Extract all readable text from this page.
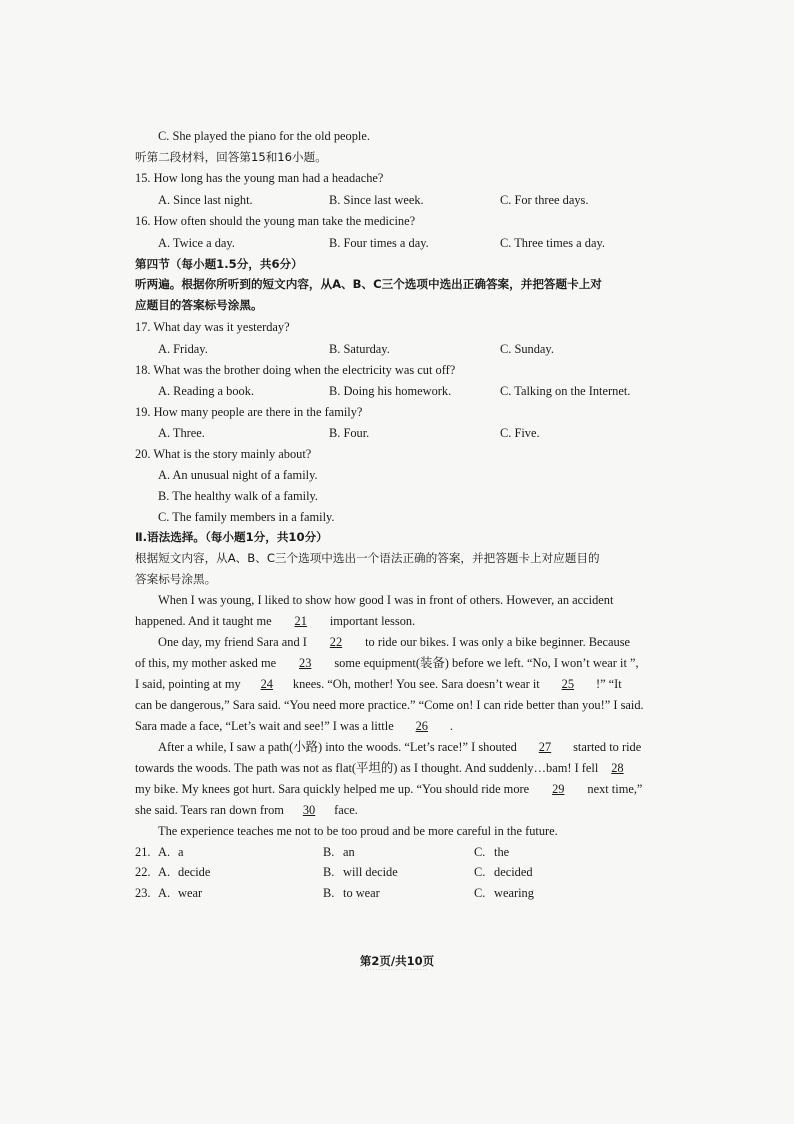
C. She played the piano for the old people.
听第二段材料，回答第15和16小题。
15. How long has the young man had a headache?
A. Since last night.	B. Since last week.	C. For three days.
16. How often should the young man take the medicine?
A. Twice a day.	B. Four times a day.	C. Three times a day.
第四节（每小题1.5分，共6分）
听两遍。根据你所听到的短文内容，从A、B、C三个选项中选出正确答案，并把答题卡上对
应题目的答案标号涂黑。
17. What day was it yesterday?
A. Friday.	B. Saturday.	C. Sunday.
18. What was the brother doing when the electricity was cut off?
A. Reading a book.	B. Doing his homework.	C. Talking on the Internet.
19. How many people are there in the family?
A. Three.	B. Four.	C. Five.
20. What is the story mainly about?
A. An unusual night of a family.
B. The healthy walk of a family.
C. The family members in a family.
Ⅱ.语法选择。（每小题1分，共10分）
根据短文内容，从A、B、C三个选项中选出一个语法正确的答案，并把答题卡上对应题目的
答案标号涂黑。
When I was young, I liked to show how good I was in front of others. However, an accident
happened. And it taught me 21 important lesson.
One day, my friend Sara and I 22 to ride our bikes. I was only a bike beginner. Because
of this, my mother asked me 23 some equipment(装备) before we left. “No, I won’t wear it ”,
I said, pointing at my 24 knees. “Oh, mother! You see. Sara doesn’t wear it 25 !” “It
can be dangerous,” Sara said. “You need more practice.” “Come on! I can ride better than you!” I said.
Sara made a face, “Let’s wait and see!” I was a little 26 .
After a while, I saw a path(小路) into the woods. “Let’s race!” I shouted 27 started to ride
towards the woods. The path was not as flat(平坦的) as I thought. And suddenly…bam! I fell 28
my bike. My knees got hurt. Sara quickly helped me up. “You should ride more 29 next time,”
she said. Tears ran down from 30 face.
The experience teaches me not to be too proud and be more careful in the future.
21. A. a	B. an	C. the
22. A. decide	B. will decide	C. decided
23. A. wear	B. to wear	C. wearing
第2页/共10页
· · · · · · · · · · · · · · · · · · · · ·
